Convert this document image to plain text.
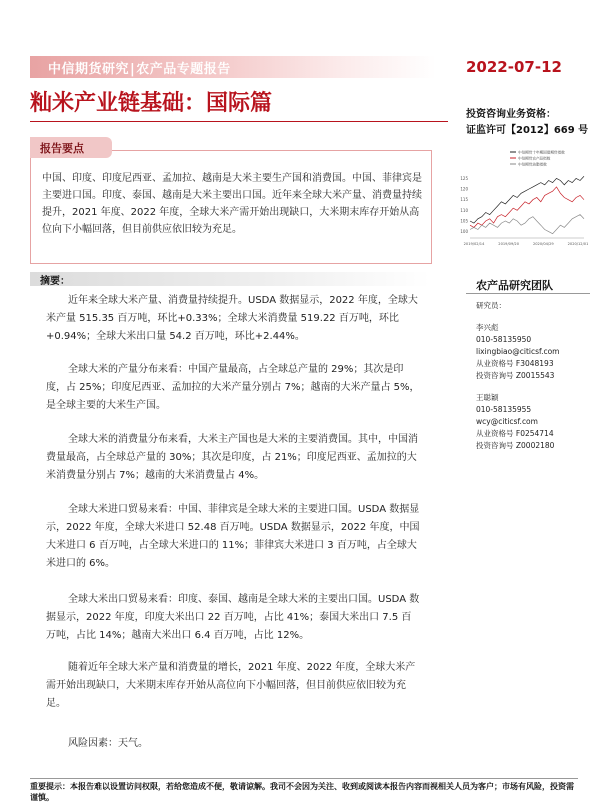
中信期货研究|农产品专题报告	2022-07-12
籼米产业链基础：国际篇	投资咨询业务资格：
证监许可【2012】669 号
报告要点
中国、印度、印度尼西亚、孟加拉、越南是大米主要生产国和消费国。中国、菲律宾是主要进口国。印度、泰国、越南是大米主要出口国。近年来全球大米产量、消费量持续提升，2021 年度、2022 年度，全球大米产需开始出现缺口，大米期末库存开始从高位向下小幅回落，但目前供应依旧较为充足。	100
105
110
115
120
125
2019/02/14	2019/09/20	2020/04/29	2020/12/01
中信期货十年期国债期货指数
中信期货农产品指数
中信期货油脂指数
摘要：

近年来全球大米产量、消费量持续提升。USDA 数据显示，2022 年度，全球大米产量 515.35 百万吨，环比+0.33%；全球大米消费量 519.22 百万吨，环比+0.94%；全球大米出口量 54.2 百万吨，环比+2.44%。

全球大米的产量分布来看：中国产量最高，占全球总产量的 29%；其次是印度，占 25%；印度尼西亚、孟加拉的大米产量分别占 7%；越南的大米产量占 5%，是全球主要的大米生产国。

全球大米的消费量分布来看，大米主产国也是大米的主要消费国。其中，中国消费量最高，占全球总产量的 30%；其次是印度，占 21%；印度尼西亚、孟加拉的大米消费量分别占 7%；越南的大米消费量占 4%。

全球大米进口贸易来看：中国、菲律宾是全球大米的主要进口国。USDA 数据显示，2022 年度，全球大米进口 52.48 百万吨。USDA 数据显示，2022 年度，中国大米进口 6 百万吨，占全球大米进口的 11%；菲律宾大米进口 3 百万吨，占全球大米进口的 6%。

全球大米出口贸易来看：印度、泰国、越南是全球大米的主要出口国。USDA 数据显示，2022 年度，印度大米出口 22 百万吨，占比 41%；泰国大米出口 7.5 百万吨，占比 14%；越南大米出口 6.4 百万吨，占比 12%。

随着近年全球大米产量和消费量的增长，2021 年度、2022 年度，全球大米产需开始出现缺口，大米期末库存开始从高位向下小幅回落，但目前供应依旧较为充足。

风险因素：天气。

农产品研究团队
研究员：
李兴彪
010-58135950
lixingbiao@citicsf.com
从业资格号 F3048193
投资咨询号 Z0015543
王聪颖
010-58135955
wcy@citicsf.com
从业资格号 F0254714
投资咨询号 Z0002180
重要提示：本报告难以设置访问权限，若给您造成不便，敬请谅解。我司不会因为关注、收到或阅读本报告内容而视相关人员为客户；市场有风险，投资需谨慎。
